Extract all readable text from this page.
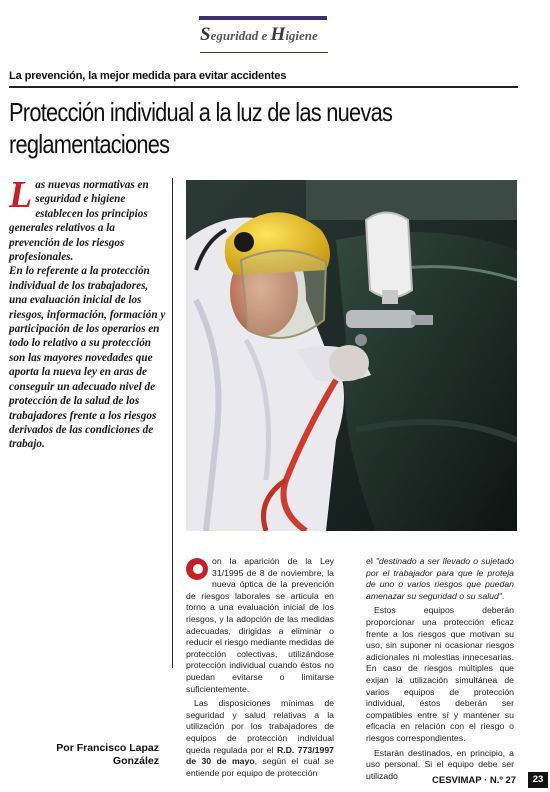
Seguridad e Higiene
La prevención, la mejor medida para evitar accidentes
Protección individual a la luz de las nuevas
reglamentaciones

Las nuevas normativas en seguridad e higiene establecen los principios generales relativos a la prevención de los riesgos profesionales.

En lo referente a la protección individual de los trabajadores, una evaluación inicial de los riesgos, información, formación y participación de los operarios en todo lo relativo a su protección son las mayores novedades que aporta la nueva ley en aras de conseguir un adecuado nivel de protección de la salud de los trabajadores frente a los riesgos derivados de las condiciones de trabajo.

on la aparición de la Ley 31/1995 de 8 de noviembre, la nueva óptica de la prevención de riesgos laborales se articula en torno a una evaluación inicial de los riesgos, y la adopción de las medidas adecuadas, dirigidas a eliminar o reducir el riesgo mediante medidas de protección colectivas, utilizándose protección individual cuando éstos no puedan evitarse o limitarse suficientemente.

Las disposiciones mínimas de seguridad y salud relativas a la utilización por los trabajadores de equipos de protección individual queda regulada por el R.D. 773/1997 de 30 de mayo, según el cual se entiende por equipo de protección

el "destinado a ser llevado o sujetado por el trabajador para que le proteja de uno o varios riesgos que puedan amenazar su seguridad o su salud".

Estos equipos deberán proporcionar una protección eficaz frente a los riesgos que motivan su uso, sin suponer ni ocasionar riesgos adicionales ni molestias innecesarias. En caso de riesgos múltiples que exijan la utilización simultánea de varios equipos de protección individual, éstos deberán ser compatibles entre sí y mantener su eficacia en relación con el riesgo o riesgos correspondientes.

Estarán destinados, en principio, a uso personal. Si el equipo debe ser utilizado

Por Francisco Lapaz
González
CESVIMAP · N.º 27	23
